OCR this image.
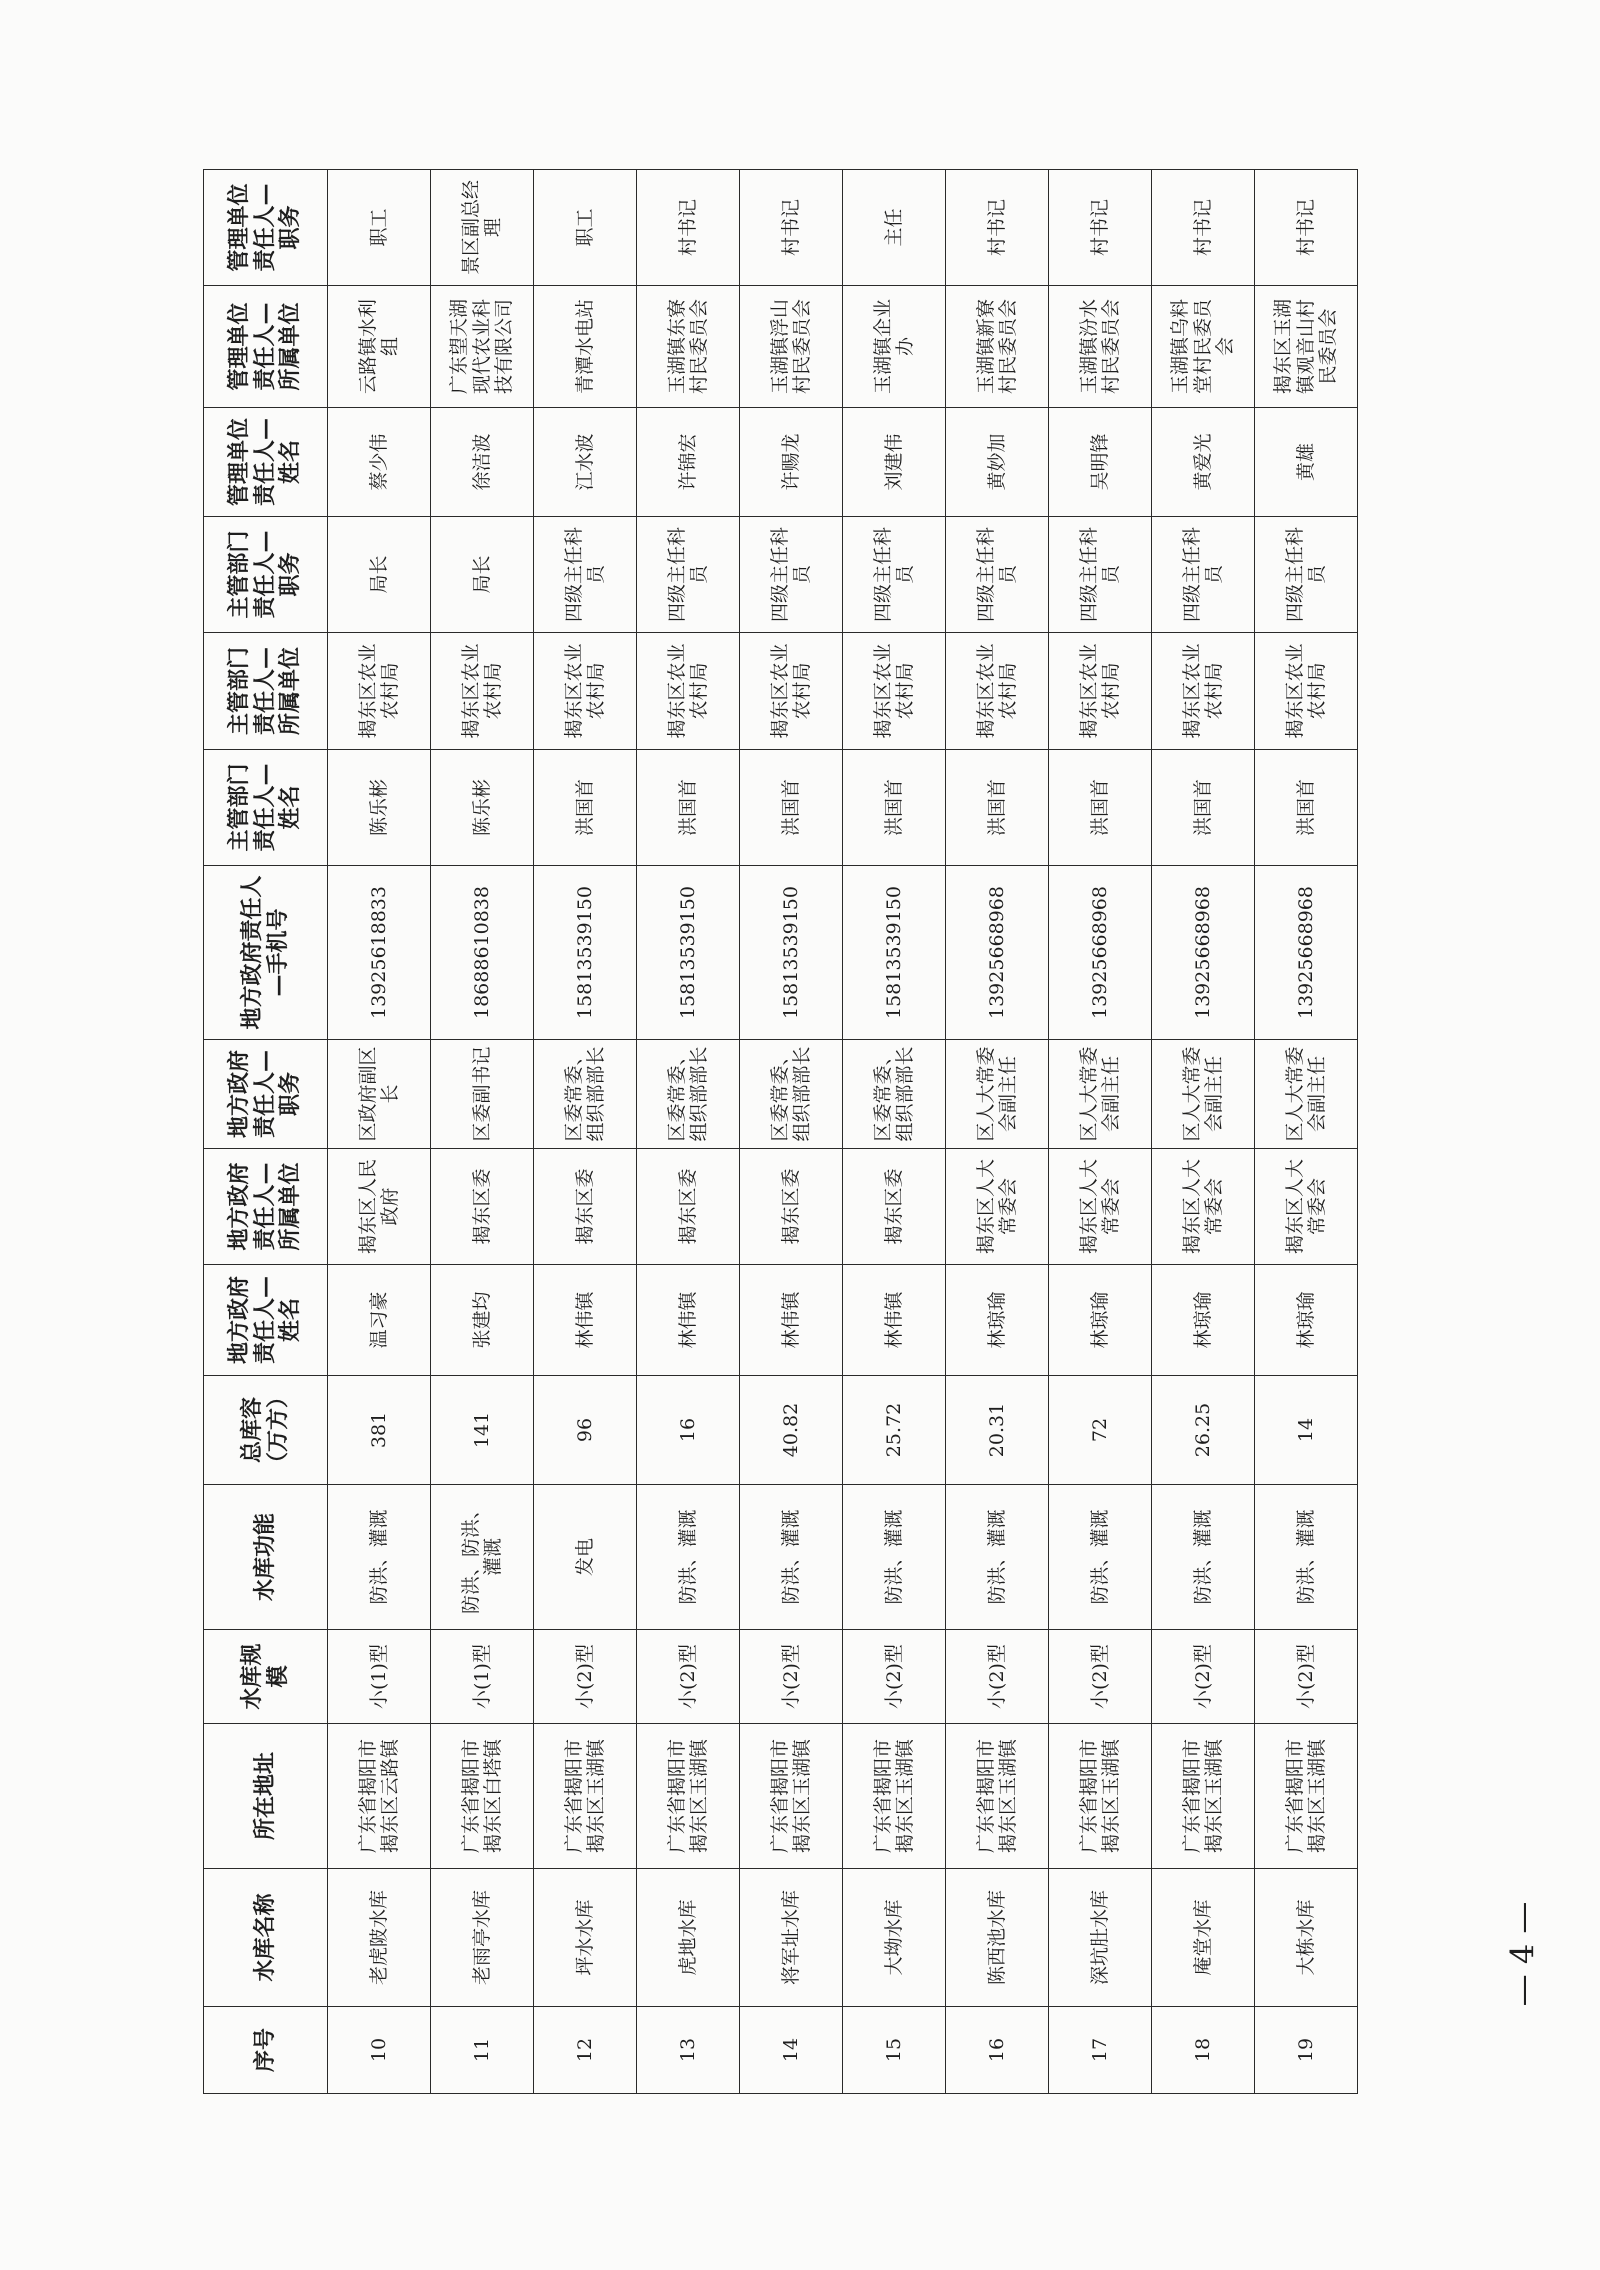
序号	水库名称	所在地址	水库规模	水库功能	总库容（万方）	地方政府责任人—姓名	地方政府责任人—所属单位	地方政府责任人—职务	地方政府责任人—手机号	主管部门责任人—姓名	主管部门责任人—所属单位	主管部门责任人—职务	管理单位责任人—姓名	管理单位责任人—所属单位	管理单位责任人—职务
10	老虎陂水库	广东省揭阳市揭东区云路镇	小(1)型	防洪、灌溉	381	温习豪	揭东区人民政府	区政府副区长	13925618833	陈乐彬	揭东区农业农村局	局长	蔡少伟	云路镇水利组	职工
11	老雨亭水库	广东省揭阳市揭东区白塔镇	小(1)型	防洪、防洪、灌溉	141	张建均	揭东区委	区委副书记	18688610838	陈乐彬	揭东区农业农村局	局长	徐洁波	广东望天湖现代农业科技有限公司	景区副总经理
12	坪水水库	广东省揭阳市揭东区玉湖镇	小(2)型	发电	96	林伟镇	揭东区委	区委常委、组织部部长	15813539150	洪国首	揭东区农业农村局	四级主任科员	江水波	青潭水电站	职工
13	虎地水库	广东省揭阳市揭东区玉湖镇	小(2)型	防洪、灌溉	16	林伟镇	揭东区委	区委常委、组织部部长	15813539150	洪国首	揭东区农业农村局	四级主任科员	许锦宏	玉湖镇东寮村民委员会	村书记
14	将军址水库	广东省揭阳市揭东区玉湖镇	小(2)型	防洪、灌溉	40.82	林伟镇	揭东区委	区委常委、组织部部长	15813539150	洪国首	揭东区农业农村局	四级主任科员	许赐龙	玉湖镇浮山村民委员会	村书记
15	大坳水库	广东省揭阳市揭东区玉湖镇	小(2)型	防洪、灌溉	25.72	林伟镇	揭东区委	区委常委、组织部部长	15813539150	洪国首	揭东区农业农村局	四级主任科员	刘建伟	玉湖镇企业办	主任
16	陈西池水库	广东省揭阳市揭东区玉湖镇	小(2)型	防洪、灌溉	20.31	林琼瑜	揭东区人大常委会	区人大常委会副主任	13925668968	洪国首	揭东区农业农村局	四级主任科员	黄妙加	玉湖镇新寮村民委员会	村书记
17	深坑肚水库	广东省揭阳市揭东区玉湖镇	小(2)型	防洪、灌溉	72	林琼瑜	揭东区人大常委会	区人大常委会副主任	13925668968	洪国首	揭东区农业农村局	四级主任科员	吴明锋	玉湖镇汾水村民委员会	村书记
18	庵堂水库	广东省揭阳市揭东区玉湖镇	小(2)型	防洪、灌溉	26.25	林琼瑜	揭东区人大常委会	区人大常委会副主任	13925668968	洪国首	揭东区农业农村局	四级主任科员	黄爱光	玉湖镇乌料堂村民委员会	村书记
19	大栋水库	广东省揭阳市揭东区玉湖镇	小(2)型	防洪、灌溉	14	林琼瑜	揭东区人大常委会	区人大常委会副主任	13925668968	洪国首	揭东区农业农村局	四级主任科员	黄雄	揭东区玉湖镇观音山村民委员会	村书记
— 4 —
